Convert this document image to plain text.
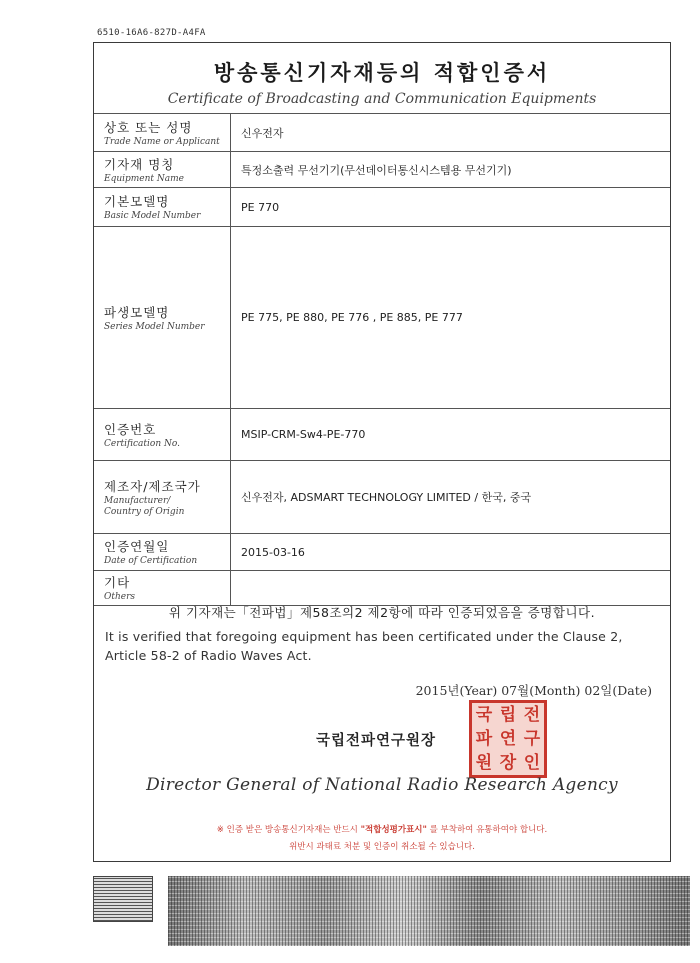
6510-16A6-827D-A4FA
방송통신기자재등의 적합인증서
Certificate of Broadcasting and Communication Equipments
상호 또는 성명
Trade Name or Applicant
신우전자
기자재 명칭
Equipment Name
특정소출력 무선기기(무선데이터통신시스템용 무선기기)
기본모델명
Basic Model Number
PE 770
파생모델명
Series Model Number
PE 775, PE 880, PE 776 , PE 885, PE 777
인증번호
Certification No.
MSIP-CRM-Sw4-PE-770
제조자/제조국가
Manufacturer/
Country of Origin
신우전자, ADSMART TECHNOLOGY LIMITED / 한국, 중국
인증연월일
Date of Certification
2015-03-16
기타
Others
위 기자재는「전파법」제58조의2 제2항에 따라 인증되었음을 증명합니다.
It is verified that foregoing equipment has been certificated under the Clause 2, Article 58-2 of Radio Waves Act.
2015년(Year) 07월(Month) 02일(Date)
국립전파연구원장
국 립 전
파 연 구
원 장 인
Director General of National Radio Research Agency
※ 인증 받은 방송통신기자재는 반드시 "적합성평가표시" 를 부착하여 유통하여야 합니다.
위반시 과태료 처분 및 인증이 취소될 수 있습니다.
